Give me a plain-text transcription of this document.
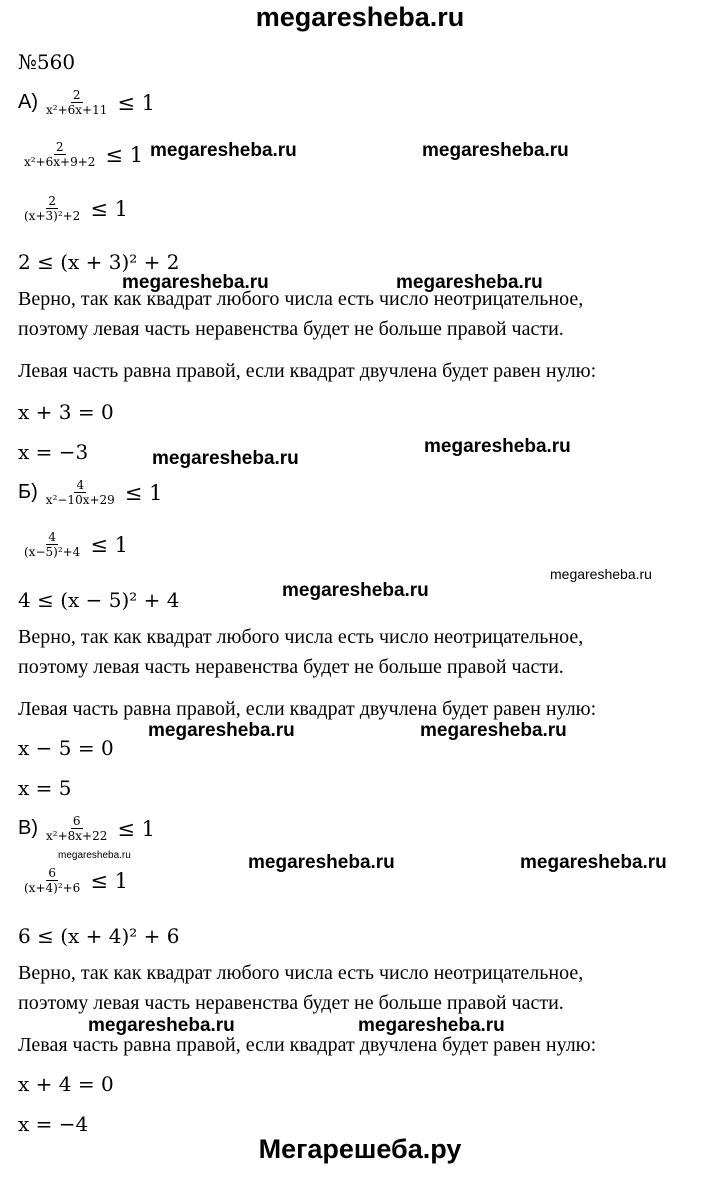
megaresheba.ru
Мегарешеба.ру
№560
$А) \frac{2}{\text{x²+6x+11}} \le 1$
$\frac{2}{\text{x²+6x+9+2}} \le 1$
$\frac{2}{\text{(x+3)²+2}} \le 1$
2 ≤ (x + 3)² + 2
Верно, так как квадрат любого числа есть число неотрицательное,
поэтому левая часть неравенства будет не больше правой части.
Левая часть равна правой, если квадрат двучлена будет равен нулю:
x + 3 = 0
x = −3
$Б) \frac{4}{\text{x²−10x+29}} \le 1$
$\frac{4}{\text{(x−5)²+4}} \le 1$
4 ≤ (x − 5)² + 4
Верно, так как квадрат любого числа есть число неотрицательное,
поэтому левая часть неравенства будет не больше правой части.
Левая часть равна правой, если квадрат двучлена будет равен нулю:
x − 5 = 0
x = 5
$В) \frac{6}{\text{x²+8x+22}} \le 1$
$\frac{6}{\text{(x+4)²+6}} \le 1$
6 ≤ (x + 4)² + 6
Верно, так как квадрат любого числа есть число неотрицательное,
поэтому левая часть неравенства будет не больше правой части.
Левая часть равна правой, если квадрат двучлена будет равен нулю:
x + 4 = 0
x = −4
megaresheba.ru	megaresheba.ru
megaresheba.ru	megaresheba.ru
megaresheba.ru
megaresheba.ru
megaresheba.ru
megaresheba.ru
megaresheba.ru	megaresheba.ru
megaresheba.ru	megaresheba.ru	megaresheba.ru
megaresheba.ru	megaresheba.ru
